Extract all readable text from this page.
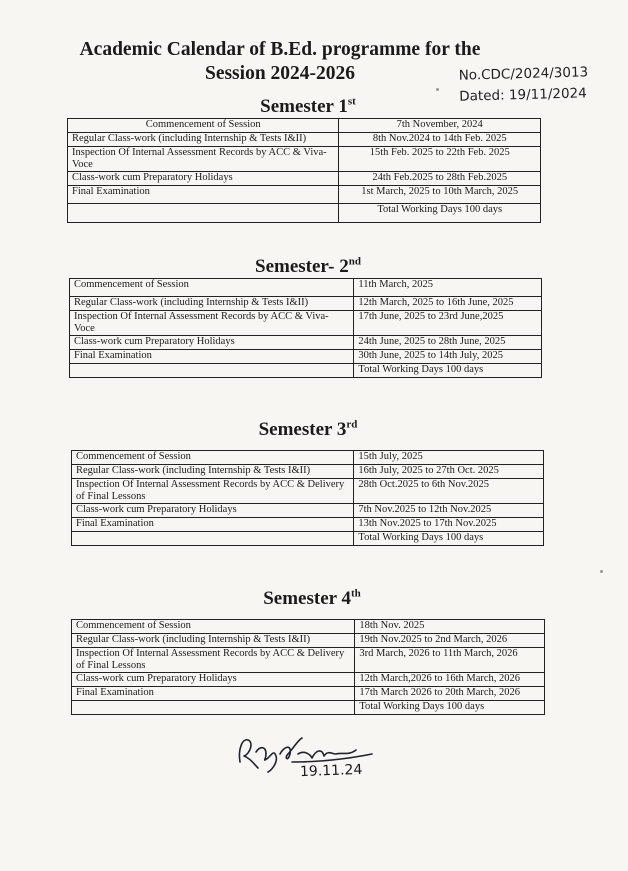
Academic Calendar of B.Ed. programme for the
Session 2024-2026	No.CDC/2024/3013
Dated: 19/11/2024
Semester 1st
Commencement of Session	7th November, 2024
Regular Class-work (including Internship & Tests I&II)	8th Nov.2024 to 14th Feb. 2025
Inspection Of Internal Assessment Records by ACC & Viva- Voce	15th Feb. 2025 to 22th Feb. 2025
Class-work cum Preparatory Holidays	24th Feb.2025 to 28th Feb.2025
Final Examination	1st March, 2025 to 10th March, 2025
	Total Working Days 100 days
Semester- 2nd
Commencement of Session	11th March, 2025
Regular Class-work (including Internship & Tests I&II)	12th March, 2025 to 16th June, 2025
Inspection Of Internal Assessment Records by ACC & Viva- Voce	17th June, 2025 to 23rd June,2025
Class-work cum Preparatory Holidays	24th June, 2025 to 28th June, 2025
Final Examination	30th June, 2025 to 14th July, 2025
	Total Working Days 100 days
Semester 3rd
Commencement of Session	15th July, 2025
Regular Class-work (including Internship & Tests I&II)	16th July, 2025 to 27th Oct. 2025
Inspection Of Internal Assessment Records by ACC & Delivery of Final Lessons	28th Oct.2025 to 6th Nov.2025
Class-work cum Preparatory Holidays	7th Nov.2025 to 12th Nov.2025
Final Examination	13th Nov.2025 to 17th Nov.2025
	Total Working Days 100 days
Semester 4th
Commencement of Session	18th Nov. 2025
Regular Class-work (including Internship & Tests I&II)	19th Nov.2025 to 2nd March, 2026
Inspection Of Internal Assessment Records by ACC & Delivery of Final Lessons	3rd March, 2026 to 11th March, 2026
Class-work cum Preparatory Holidays	12th March,2026 to 16th March, 2026
Final Examination	17th March 2026 to 20th March, 2026
	Total Working Days 100 days
19.11.24
